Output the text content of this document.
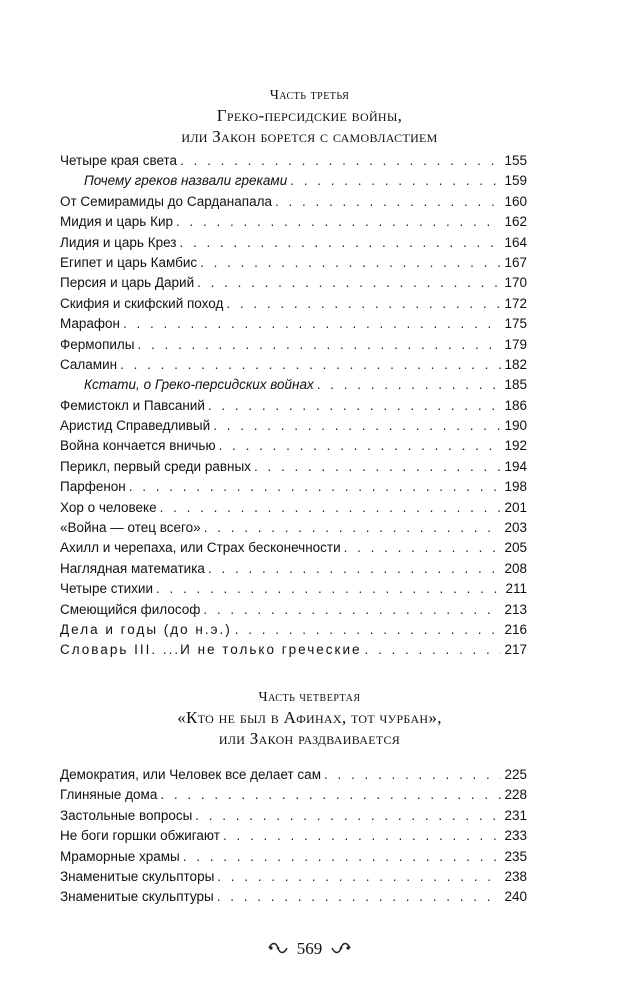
Часть третья
Греко-персидские войны,
или Закон борется с самовластием
Четыре края света . . .	155
Почему греков назвали греками . . .	159
От Семирамиды до Сарданапала . . .	160
Мидия и царь Кир . . .	162
Лидия и царь Крез . . .	164
Египет и царь Камбис . . .	167
Персия и царь Дарий . . .	170
Скифия и скифский поход . . .	172
Марафон . . .	175
Фермопилы . . .	179
Саламин . . .	182
Кстати, о Греко-персидских войнах . . .	185
Фемистокл и Павсаний . . .	186
Аристид Справедливый . . .	190
Война кончается вничью . . .	192
Перикл, первый среди равных . . .	194
Парфенон . . .	198
Хор о человеке . . .	201
«Война — отец всего» . . .	203
Ахилл и черепаха, или Страх бесконечности . . .	205
Наглядная математика . . .	208
Четыре стихии . . .	211
Смеющийся философ . . .	213
Дела и годы (до н.э.) . . .	216
Словарь III. ...И не только греческие . . .	217
Часть четвертая
«Кто не был в Афинах, тот чурбан»,
или Закон раздваивается
Демократия, или Человек все делает сам . . .	225
Глиняные дома . . .	228
Застольные вопросы . . .	231
Не боги горшки обжигают . . .	233
Мраморные храмы . . .	235
Знаменитые скульпторы . . .	238
Знаменитые скульптуры . . .	240
569
